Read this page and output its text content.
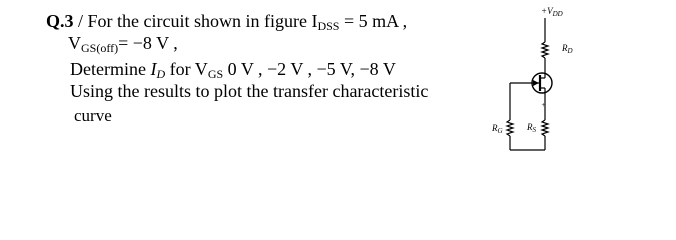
Q.3 / For the circuit shown in figure $I_{DSS} = 5$ mA ,
$V_{GS(off)}= -8$ V ,
Determine $I_D$ for $V_{GS}$ 0 V , −2 V , −5 V, −8 V
Using the results to plot the transfer characteristic
curve
$+V_{DD}$
$R_D$
+
$R_S$
$R_G$
